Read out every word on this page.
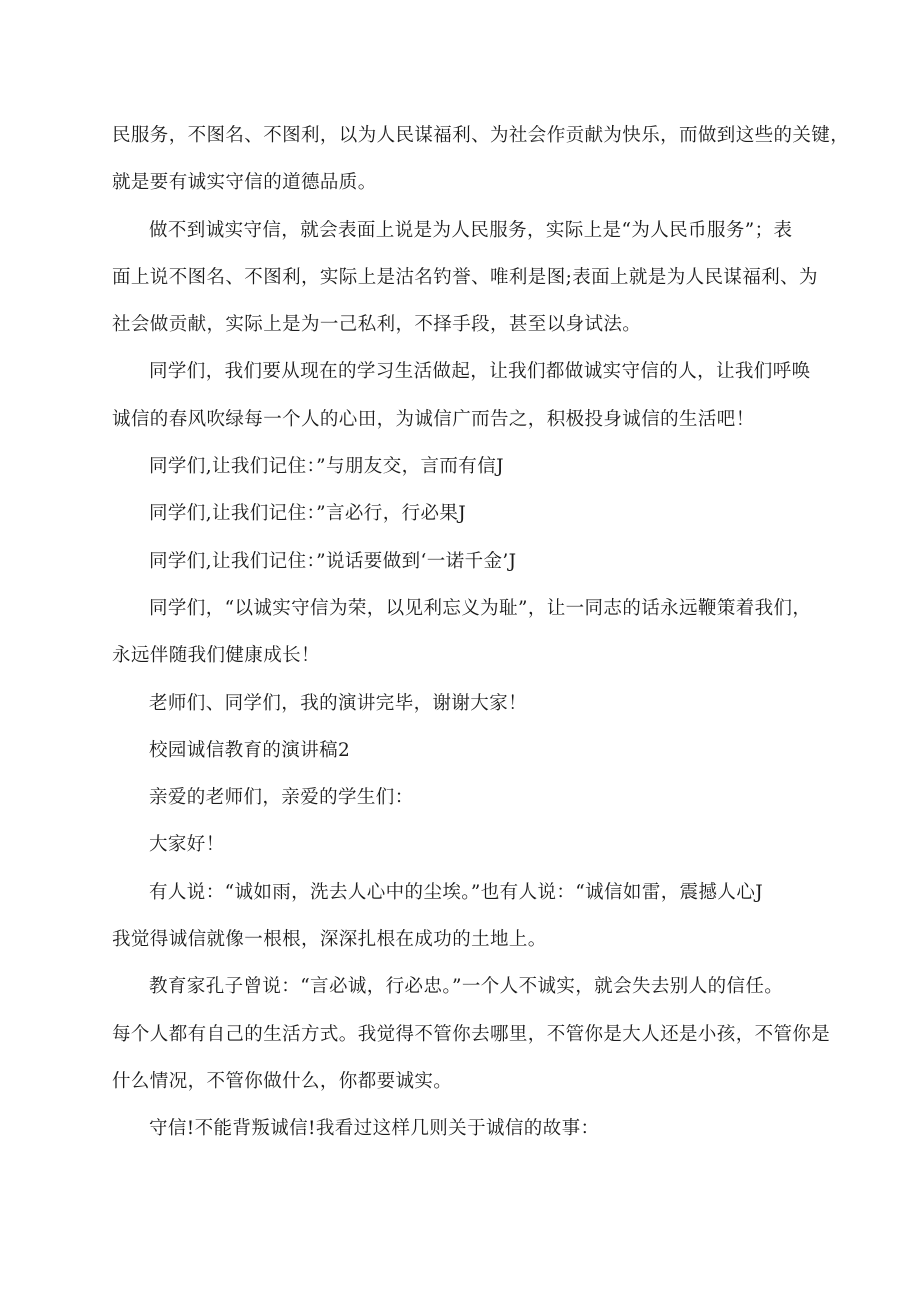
民服务，不图名、不图利，以为人民谋福利、为社会作贡献为快乐，而做到这些的关键，

就是要有诚实守信的道德品质。

做不到诚实守信，就会表面上说是为人民服务，实际上是“为人民币服务”；表

面上说不图名、不图利，实际上是沽名钓誉、唯利是图;表面上就是为人民谋福利、为

社会做贡献，实际上是为一己私利，不择手段，甚至以身试法。

同学们，我们要从现在的学习生活做起，让我们都做诚实守信的人，让我们呼唤

诚信的春风吹绿每一个人的心田，为诚信广而告之，积极投身诚信的生活吧！

同学们,让我们记住：”与朋友交，言而有信J

同学们,让我们记住：”言必行，行必果J

同学们,让我们记住：”说话要做到‘一诺千金’J

同学们，“以诚实守信为荣，以见利忘义为耻”，让一同志的话永远鞭策着我们，

永远伴随我们健康成长！

老师们、同学们，我的演讲完毕，谢谢大家！

校园诚信教育的演讲稿2

亲爱的老师们，亲爱的学生们：

大家好！

有人说：“诚如雨，洗去人心中的尘埃。”也有人说：“诚信如雷，震撼人心J

我觉得诚信就像一根根，深深扎根在成功的土地上。

教育家孔子曾说：“言必诚，行必忠。”一个人不诚实，就会失去别人的信任。

每个人都有自己的生活方式。我觉得不管你去哪里，不管你是大人还是小孩，不管你是

什么情况，不管你做什么，你都要诚实。

守信!不能背叛诚信!我看过这样几则关于诚信的故事：
